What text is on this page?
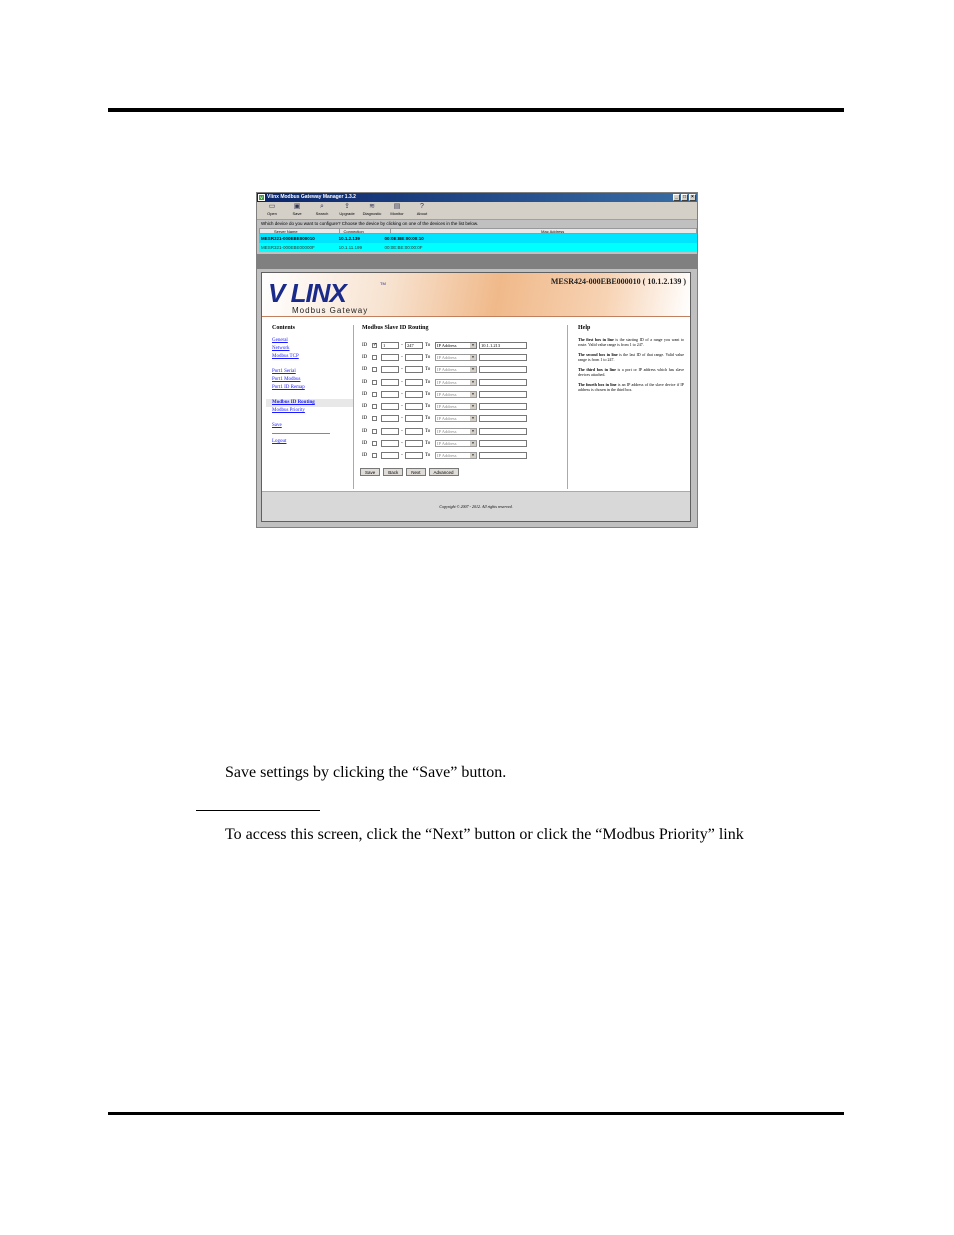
V Vlinx Modbus Gateway Manager 1.3.2	_	□	×
▭
Open
▣
Save
⌕
Search
⇪
Upgrade
≋
Diagnostic
▤
Monitor
?
About
Which device do you want to configure? Choose the device by clicking on one of the devices in the list below.
Server Name	Connection	Mac Address
MESR321-000EBE000010	10.1.2.139	00:0E:BE:00:00:10
MESR321-000EBE00000F	10.1.11.199	00:0E:BE:00:00:0F
V LINX	TM
Modbus Gateway
MESR424-000EBE000010 ( 10.1.2.139 )
Contents
General
Network
Modbus TCP
Port1 Serial
Port1 Modbus
Port1 ID Remap
Modbus ID Routing
Modbus Priority
Save
Logout
Modbus Slave ID Routing
ID	✓	1	- 247	To	IP Address	▼	10.1.1.213
ID	-	To	IP Address	▼
ID	-	To	IP Address	▼
ID	-	To	IP Address	▼
ID	-	To	IP Address	▼
ID	-	To	IP Address	▼
ID	-	To	IP Address	▼
ID	-	To	IP Address	▼
ID	-	To	IP Address	▼
ID	-	To	IP Address	▼
Save	Back	Next	Advanced
Help

The first box in line is the starting ID of a range you want to route. Valid value range is from 1 to 247.

The second box in line is the last ID of that range. Valid value range is from 1 to 247.

The third box in line is a port or IP address which has slave devices attached.

The fourth box in line is an IP address of the slave device if IP address is chosen in the third box.

Copyright © 2007 - 2012. All rights reserved.
Save settings by clicking the “Save” button.
To access this screen, click the “Next” button or click the “Modbus Priority” link
